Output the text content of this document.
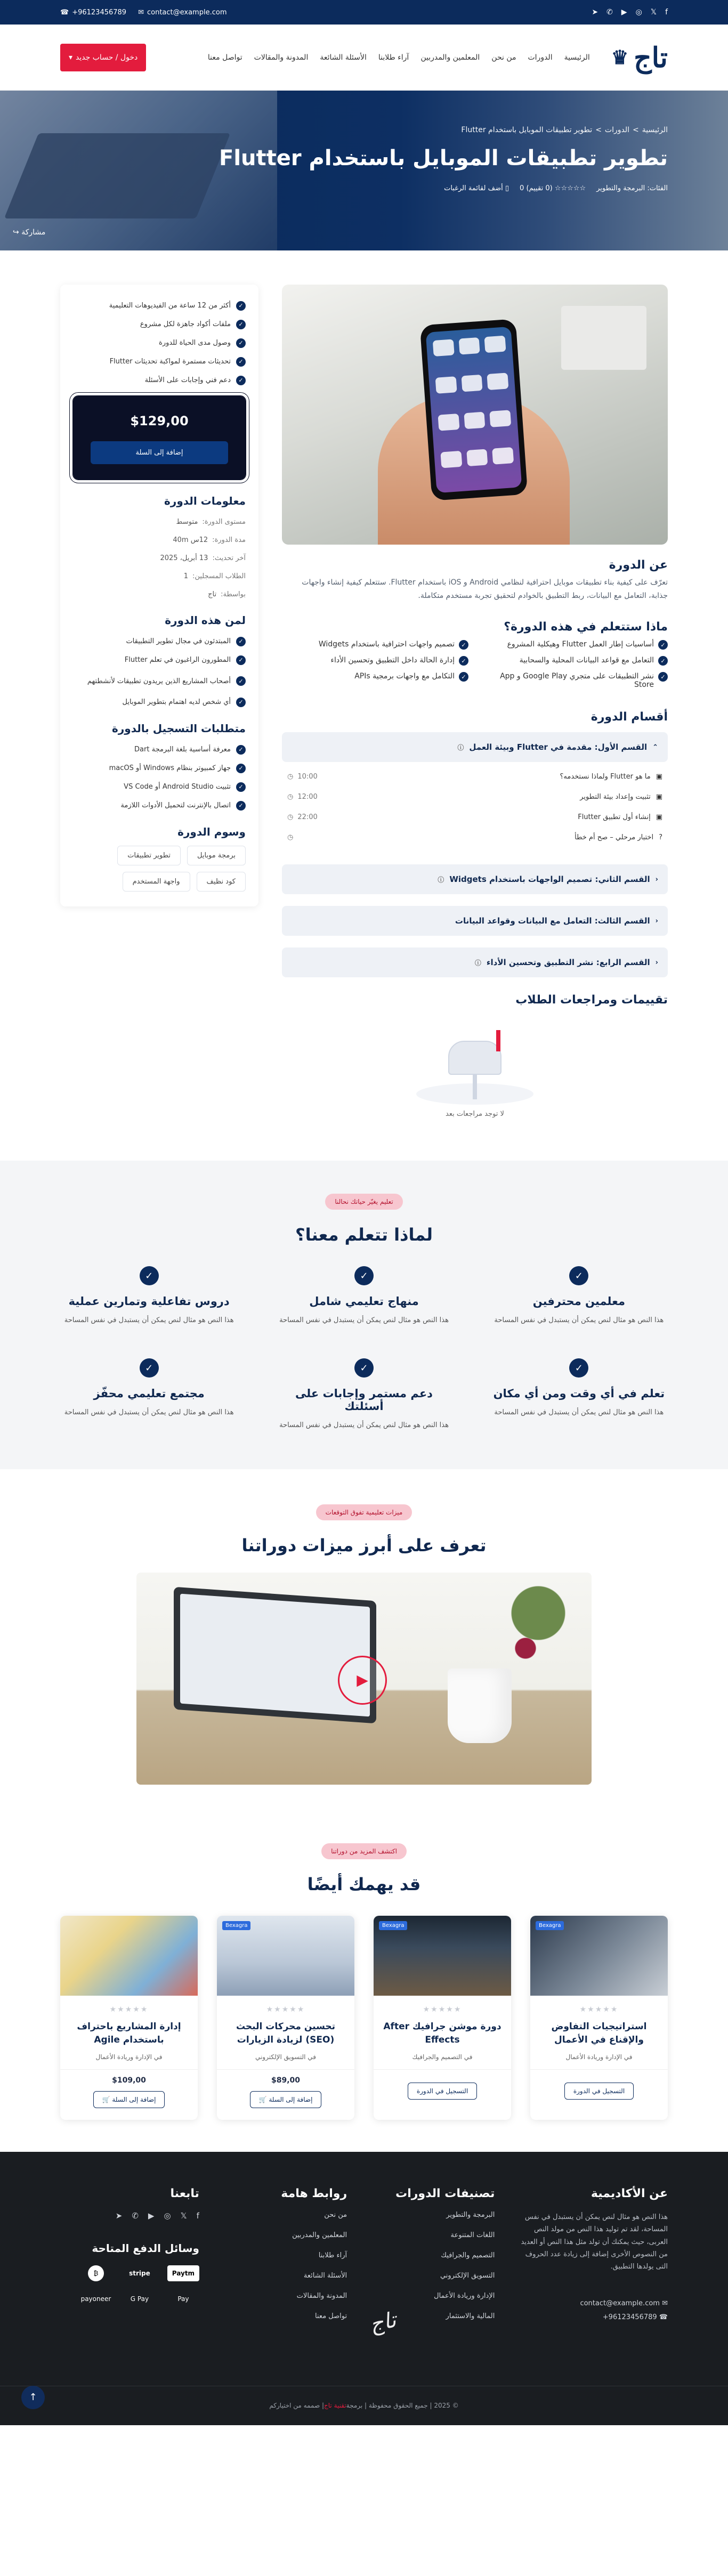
f
𝕏
◎
▶
✆
➤
☎ +96123456789 ✉ contact@example.com
تاج
♛
الرئيسية
الدورات
من نحن
المعلمين والمدربين
آراء طلابنا
الأسئلة الشائعة
المدونة والمقالات
تواصل معنا
دخول / حساب جديد
▾
الرئيسية
>
الدورات
>
تطوير تطبيقات الموبايل باستخدام Flutter
تطوير تطبيقات الموبايل باستخدام Flutter
الفئات: البرمجة والتطوير
☆☆☆☆☆ (0 تقييم) 0
▯ أضف لقائمة الرغبات
مشاركة ↪
عن الدورة

تعرّف على كيفية بناء تطبيقات موبايل احترافية لنظامي Android و iOS باستخدام Flutter. ستتعلم كيفية إنشاء واجهات جذابة، التعامل مع البيانات، ربط التطبيق بالخوادم لتحقيق تجربة مستخدم متكاملة.

ماذا ستتعلم في هذه الدورة؟
✓
أساسيات إطار العمل Flutter وهيكلية المشروع
✓
تصميم واجهات احترافية باستخدام Widgets
✓
التعامل مع قواعد البيانات المحلية والسحابية
✓
إدارة الحالة داخل التطبيق وتحسين الأداء
✓
نشر التطبيقات على متجري Google Play و App Store
✓
التكامل مع واجهات برمجية APIs
أقسام الدورة
⌃
القسم الأول: مقدمة في Flutter وبيئة العمل
ⓘ
▣
ما هو Flutter ولماذا نستخدمه؟
10:00
◷
▣
تثبيت وإعداد بيئة التطوير
12:00
◷
▣
إنشاء أول تطبيق Flutter
22:00
◷
?
اختبار مرحلي – صح أم خطأ
◷
‹
القسم الثاني: تصميم الواجهات باستخدام Widgets
ⓘ
‹
القسم الثالث: التعامل مع البيانات وقواعد البيانات
‹
القسم الرابع: نشر التطبيق وتحسين الأداء
ⓘ
تقييمات ومراجعات الطلاب
لا توجد مراجعات بعد
✓
أكثر من 12 ساعة من الفيديوهات التعليمية
✓
ملفات أكواد جاهزة لكل مشروع
✓
وصول مدى الحياة للدورة
✓
تحديثات مستمرة لمواكبة تحديثات Flutter
✓
دعم فني وإجابات على الأسئلة
$129,00
إضافة إلى السلة
معلومات الدورة
مستوى الدورة:
متوسط
مدة الدورة:
12س 40m
آخر تحديث:
13 أبريل، 2025
الطلاب المسجلين:
1
بواسطة:
تاج
لمن هذه الدورة
✓
المبتدئون في مجال تطوير التطبيقات
✓
المطورون الراغبون في تعلم Flutter
✓
أصحاب المشاريع الذين يريدون تطبيقات لأنشطتهم
✓
أي شخص لديه اهتمام بتطوير الموبايل
متطلبات التسجيل بالدورة
✓
معرفة أساسية بلغة البرمجة Dart
✓
جهاز كمبيوتر بنظام Windows أو macOS
✓
تثبيت Android Studio أو VS Code
✓
اتصال بالإنترنت لتحميل الأدوات اللازمة
وسوم الدورة
برمجة موبايل
تطوير تطبيقات
كود نظيف
واجهة المستخدم
تعليم يغيّر حياتك نحالنا
لماذا تتعلم معنا؟
✓
معلمين محترفين

هذا النص هو مثال لنص يمكن أن يستبدل في نفس المساحة

✓
منهاج تعليمي شامل

هذا النص هو مثال لنص يمكن أن يستبدل في نفس المساحة

✓
دروس تفاعلية وتمارين عملية

هذا النص هو مثال لنص يمكن أن يستبدل في نفس المساحة

✓
تعلم في أي وقت ومن أي مكان

هذا النص هو مثال لنص يمكن أن يستبدل في نفس المساحة

✓
دعم مستمر وإجابات على أسئلتك

هذا النص هو مثال لنص يمكن أن يستبدل في نفس المساحة

✓
مجتمع تعليمي محفّز

هذا النص هو مثال لنص يمكن أن يستبدل في نفس المساحة

ميزات تعليمية تفوق التوقعات
تعرف على أبرز ميزات دوراتنا
▶
اكتشف المزيد من دوراتنا
قد يهمك أيضًا
Bexagra
★★★★★
استراتيجيات التفاوض والإقناع في الأعمال
في الإدارة وريادة الأعمال
التسجيل في الدورة
Bexagra
★★★★★
دورة موشن جرافيك After Effects
في التصميم والجرافيك
التسجيل في الدورة
Bexagra
★★★★★
تحسين محركات البحث (SEO) لزيادة الزيارات
في التسويق الإلكتروني
$89,00
إضافة إلى السلة 🛒
★★★★★
إدارة المشاريع باحتراف باستخدام Agile
في الإدارة وريادة الأعمال
$109,00
إضافة إلى السلة 🛒
عن الأكاديمية

هذا النص هو مثال لنص يمكن أن يستبدل في نفس المساحة، لقد تم توليد هذا النص من مولد النص العربى، حيث يمكنك أن تولد مثل هذا النص أو العديد من النصوص الأخرى إضافة إلى زيادة عدد الحروف التى يولدها التطبيق.

contact@example.com ✉
+96123456789 ☎
تصنيفات الدورات
البرمجة والتطوير
اللغات المتنوعة
التصميم والجرافيك
التسويق الإلكتروني
الإدارة وريادة الأعمال
المالية والاستثمار
روابط هامة
من نحن
المعلمين والمدربين
آراء طلابنا
الأسئلة الشائعة
المدونة والمقالات
تواصل معنا
تابعنا
f
𝕏
◎
▶
✆
➤
وسائل الدفع المتاحة
Paytm
stripe
₿
Pay
G Pay
payoneer
تاج
© 2025 | جميع الحقوق محفوظة | برمجة
تقنية تاج
| صممه من اختياركم
↑
